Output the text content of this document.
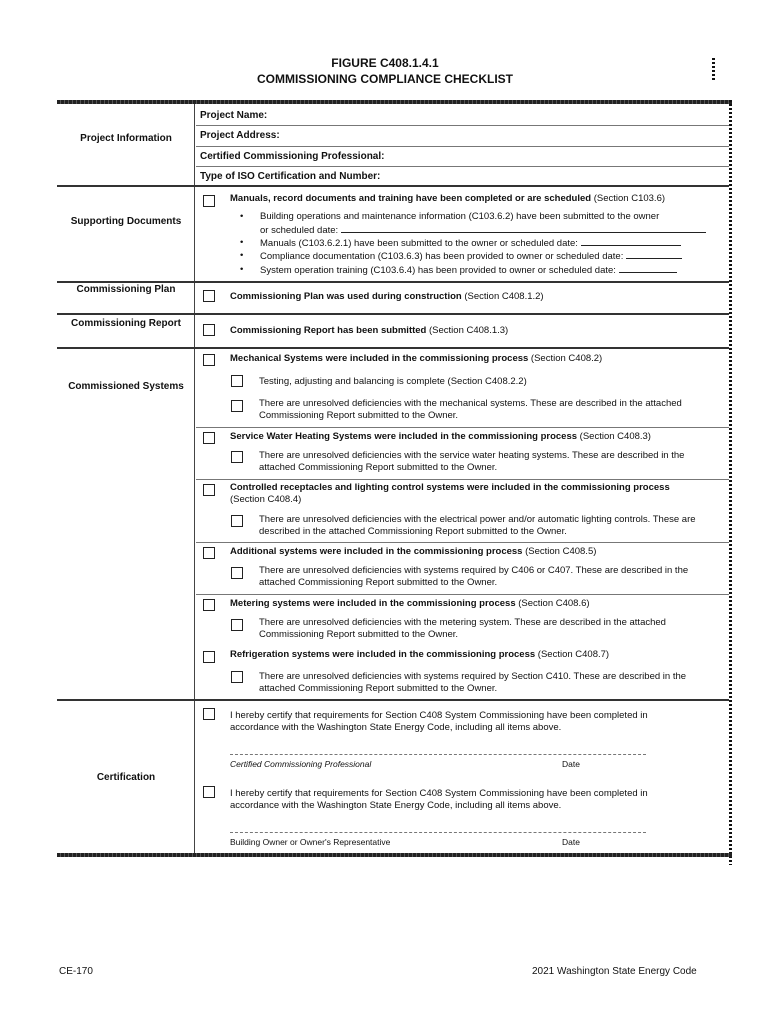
FIGURE C408.1.4.1
COMMISSIONING COMPLIANCE CHECKLIST
Project Information
Project Name:
Project Address:
Certified Commissioning Professional:
Type of ISO Certification and Number:
Supporting Documents
Manuals, record documents and training have been completed or are scheduled (Section C103.6)
• Building operations and maintenance information (C103.6.2) have been submitted to the owner
or scheduled date:
• Manuals (C103.6.2.1) have been submitted to the owner or scheduled date:
• Compliance documentation (C103.6.3) has been provided to owner or scheduled date:
• System operation training (C103.6.4) has been provided to owner or scheduled date:
Commissioning Plan
Commissioning Plan was used during construction (Section C408.1.2)
Commissioning Report
Commissioning Report has been submitted (Section C408.1.3)
Commissioned Systems
Mechanical Systems were included in the commissioning process (Section C408.2)
Testing, adjusting and balancing is complete (Section C408.2.2)
There are unresolved deficiencies with the mechanical systems. These are described in the attached
Commissioning Report submitted to the Owner.
Service Water Heating Systems were included in the commissioning process (Section C408.3)
There are unresolved deficiencies with the service water heating systems. These are described in the
attached Commissioning Report submitted to the Owner.
Controlled receptacles and lighting control systems were included in the commissioning process
(Section C408.4)
There are unresolved deficiencies with the electrical power and/or automatic lighting controls. These are
described in the attached Commissioning Report submitted to the Owner.
Additional systems were included in the commissioning process (Section C408.5)
There are unresolved deficiencies with systems required by C406 or C407. These are described in the
attached Commissioning Report submitted to the Owner.
Metering systems were included in the commissioning process (Section C408.6)
There are unresolved deficiencies with the metering system. These are described in the attached
Commissioning Report submitted to the Owner.
Refrigeration systems were included in the commissioning process (Section C408.7)
There are unresolved deficiencies with systems required by Section C410. These are described in the
attached Commissioning Report submitted to the Owner.
Certification
I hereby certify that requirements for Section C408 System Commissioning have been completed in
accordance with the Washington State Energy Code, including all items above.
Certified Commissioning Professional	Date
I hereby certify that requirements for Section C408 System Commissioning have been completed in
accordance with the Washington State Energy Code, including all items above.
Building Owner or Owner's Representative	Date
CE-170	2021 Washington State Energy Code
